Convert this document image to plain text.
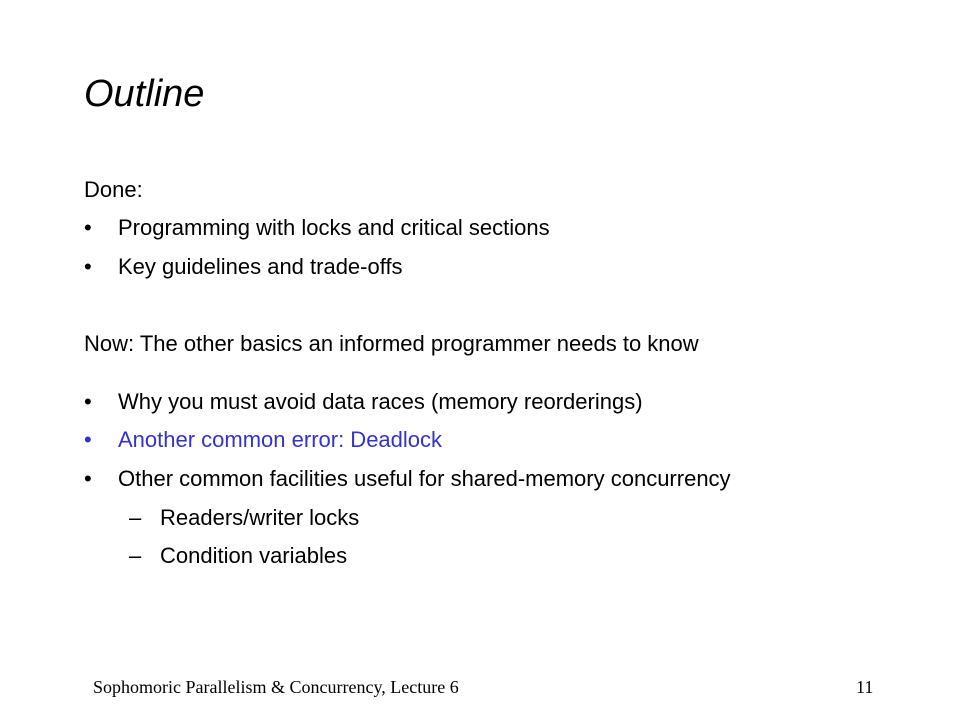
Outline
Done:
• Programming with locks and critical sections
• Key guidelines and trade-offs
Now: The other basics an informed programmer needs to know
• Why you must avoid data races (memory reorderings)
• Another common error: Deadlock
• Other common facilities useful for shared-memory concurrency
– Readers/writer locks
– Condition variables
Sophomoric Parallelism & Concurrency, Lecture 6	11
